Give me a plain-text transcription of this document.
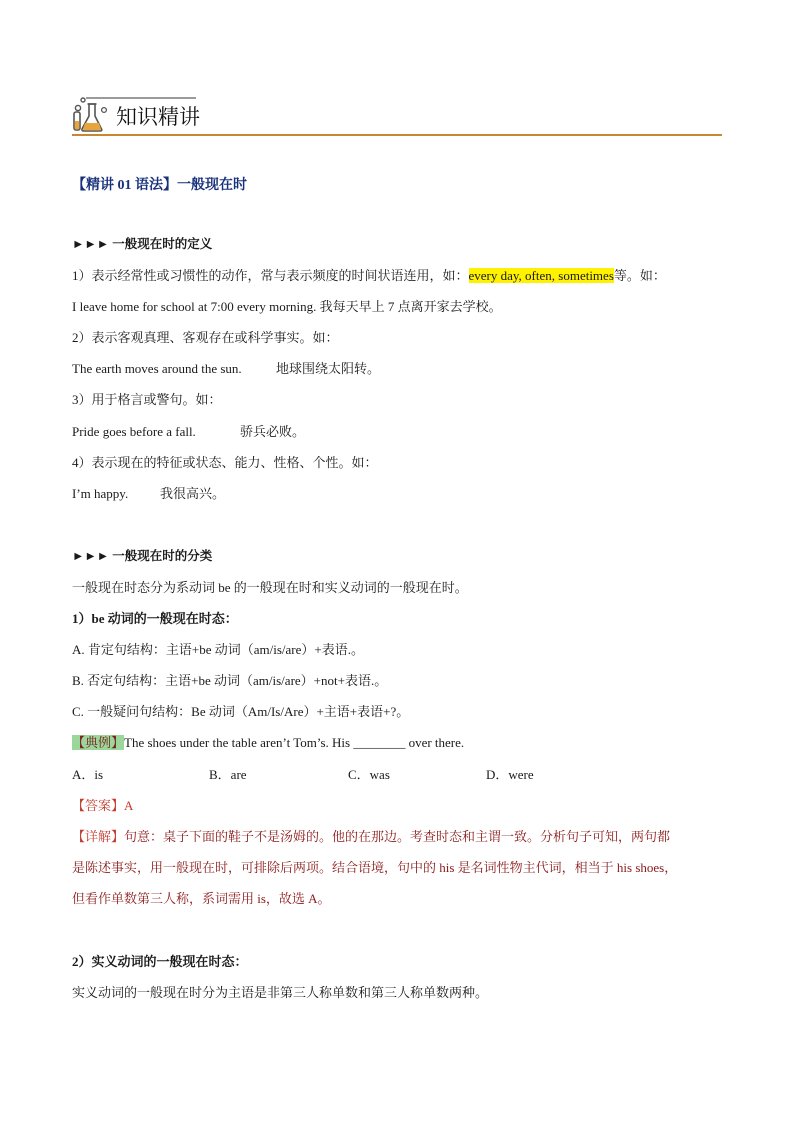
知识精讲
【精讲 01 语法】一般现在时
►►► 一般现在时的定义
1）表示经常性或习惯性的动作，常与表示频度的时间状语连用，如：every day, often, sometimes等。如：
I leave home for school at 7:00 every morning. 我每天早上 7 点离开家去学校。
2）表示客观真理、客观存在或科学事实。如：
The earth moves around the sun.	地球围绕太阳转。
3）用于格言或警句。如：
Pride goes before a fall.	骄兵必败。
4）表示现在的特征或状态、能力、性格、个性。如：
I’m happy. 我很高兴。
►►► 一般现在时的分类
一般现在时态分为系动词 be 的一般现在时和实义动词的一般现在时。
1）be 动词的一般现在时态：
A. 肯定句结构：主语+be 动词（am/is/are）+表语.。
B. 否定句结构：主语+be 动词（am/is/are）+not+表语.。
C. 一般疑问句结构：Be 动词（Am/Is/Are）+主语+表语+?。
【典例】The shoes under the table aren’t Tom’s. His ________ over there.
A．is	B．are	C．was	D．were
【答案】A
【详解】句意：桌子下面的鞋子不是汤姆的。他的在那边。考查时态和主谓一致。分析句子可知，两句都
是陈述事实，用一般现在时，可排除后两项。结合语境，句中的 his 是名词性物主代词，相当于 his shoes，
但看作单数第三人称，系词需用 is，故选 A。
2）实义动词的一般现在时态：
实义动词的一般现在时分为主语是非第三人称单数和第三人称单数两种。
